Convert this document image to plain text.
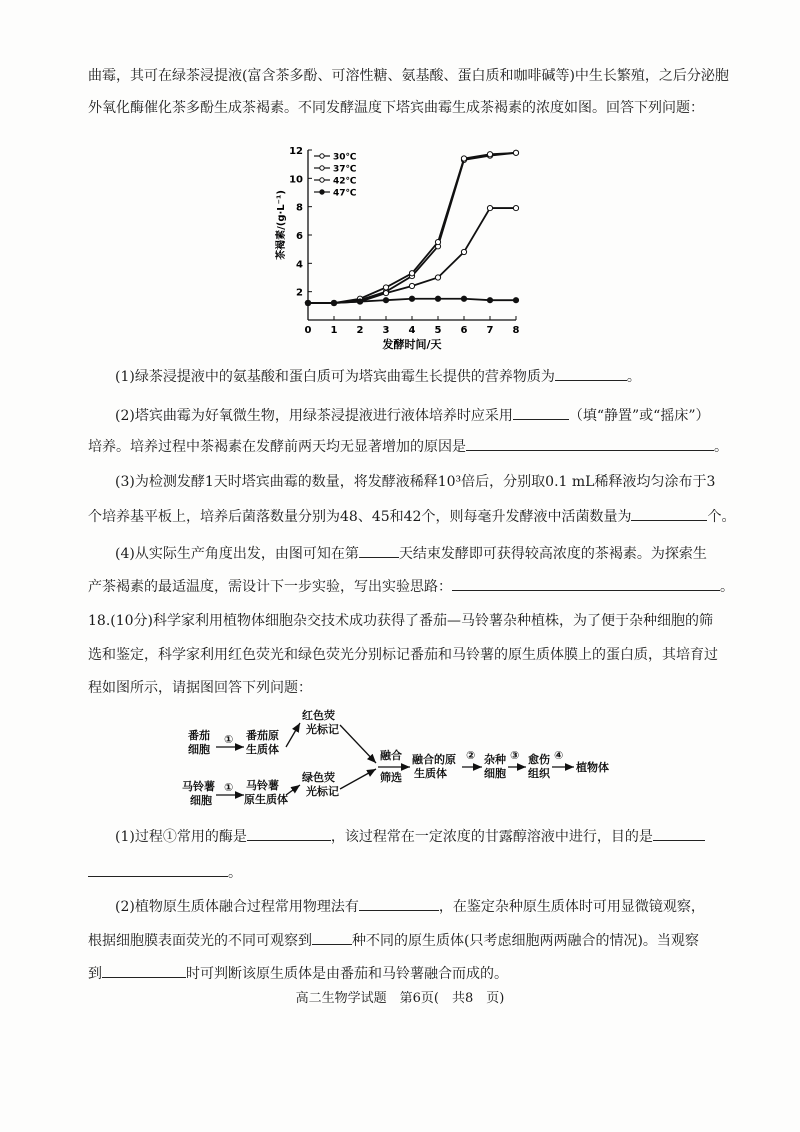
曲霉，其可在绿茶浸提液(富含茶多酚、可溶性糖、氨基酸、蛋白质和咖啡碱等)中生长繁殖，之后分泌胞
外氧化酶催化茶多酚生成茶褐素。不同发酵温度下塔宾曲霉生成茶褐素的浓度如图。回答下列问题：
0 1 2 3 4 5 6 7 8
2
4
6
8
10
12
发酵时间/天
茶褐素/(g·L⁻¹)
30℃
37℃
42℃
47℃
(1)绿茶浸提液中的氨基酸和蛋白质可为塔宾曲霉生长提供的营养物质为	。
(2)塔宾曲霉为好氧微生物，用绿茶浸提液进行液体培养时应采用	（填“静置”或“摇床”）
培养。培养过程中茶褐素在发酵前两天均无显著增加的原因是	。
(3)为检测发酵1天时塔宾曲霉的数量，将发酵液稀释10³倍后，分别取0.1 mL稀释液均匀涂布于3
个培养基平板上，培养后菌落数量分别为48、45和42个，则每毫升发酵液中活菌数量为	个。
(4)从实际生产角度出发，由图可知在第	天结束发酵即可获得较高浓度的茶褐素。为探索生
产茶褐素的最适温度，需设计下一步实验，写出实验思路：	。
18.(10分)科学家利用植物体细胞杂交技术成功获得了番茄—马铃薯杂种植株，为了便于杂种细胞的筛
选和鉴定，科学家利用红色荧光和绿色荧光分别标记番茄和马铃薯的原生质体膜上的蛋白质，其培育过
程如图所示，请据图回答下列问题：
番茄
细胞
① 番茄原
生质体
红色荧
光标记
马铃薯
细胞
① 马铃薯
原生质体
绿色荧
光标记
融合
筛选
融合的原
生质体
② 杂种
细胞
③ 愈伤
组织
④
植物体
(1)过程①常用的酶是	，该过程常在一定浓度的甘露醇溶液中进行，目的是
。
(2)植物原生质体融合过程常用物理法有	，在鉴定杂种原生质体时可用显微镜观察，
根据细胞膜表面荧光的不同可观察到	种不同的原生质体(只考虑细胞两两融合的情况)。当观察
到	时可判断该原生质体是由番茄和马铃薯融合而成的。
高二生物学试题　第6页(　共8　页)
